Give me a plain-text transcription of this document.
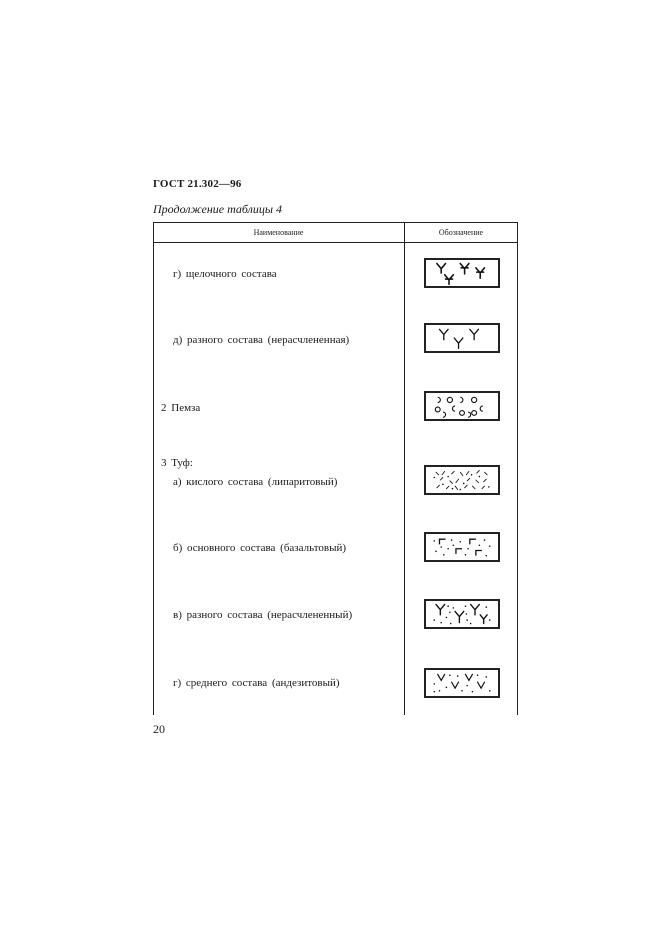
ГОСТ 21.302—96
Продолжение таблицы 4
Наименование	Обозначение
г) щелочного состава
д) разного состава (нерасчлененная)
2 Пемза
3 Туф:
а) кислого состава (липаритовый)
б) основного состава (базальтовый)
в) разного состава (нерасчлененный)
г) среднего состава (андезитовый)
20
